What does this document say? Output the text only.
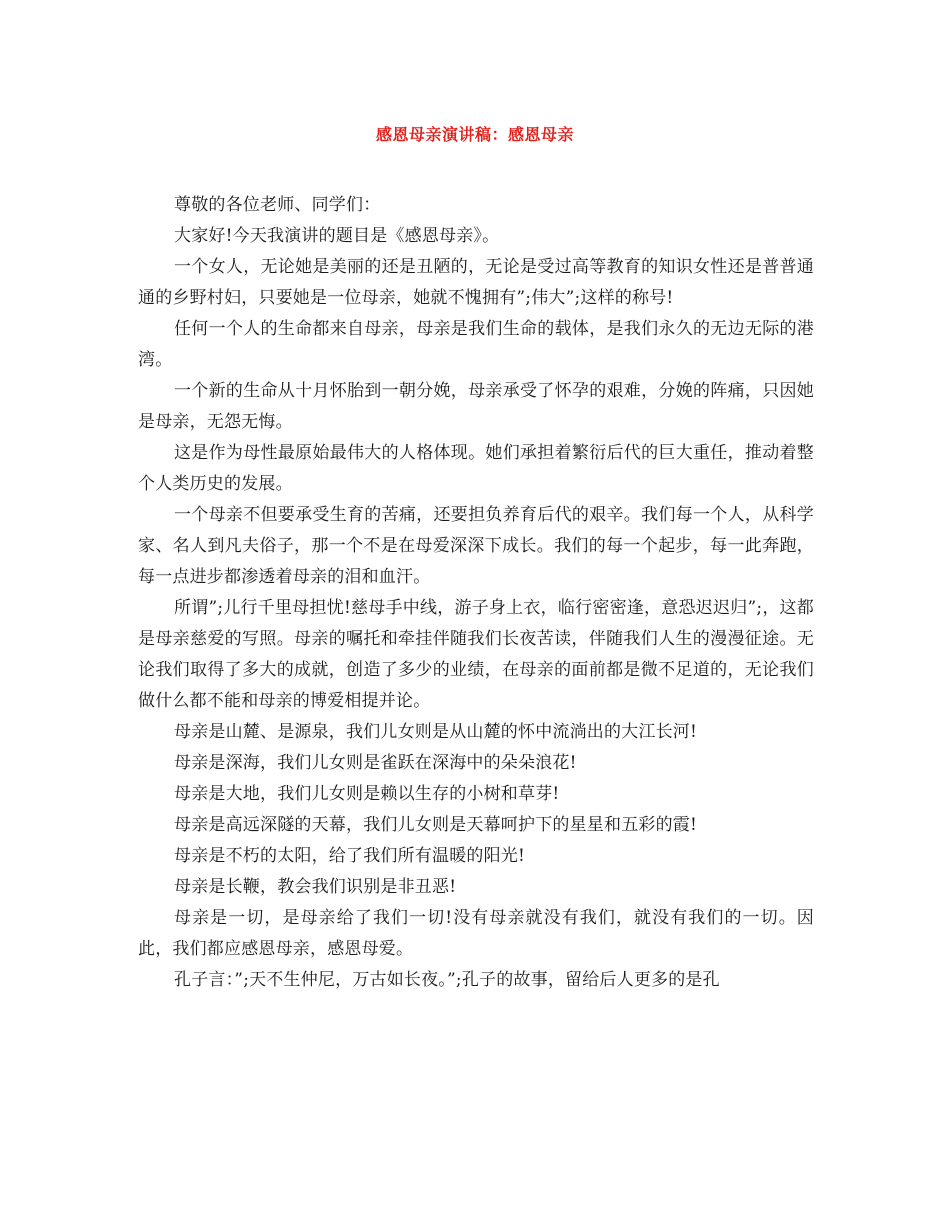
感恩母亲演讲稿：感恩母亲

尊敬的各位老师、同学们：

大家好!今天我演讲的题目是《感恩母亲》。

一个女人，无论她是美丽的还是丑陋的，无论是受过高等教育的知识女性还是普普通通的乡野村妇，只要她是一位母亲，她就不愧拥有”;伟大”;这样的称号!

任何一个人的生命都来自母亲，母亲是我们生命的载体，是我们永久的无边无际的港湾。

一个新的生命从十月怀胎到一朝分娩，母亲承受了怀孕的艰难，分娩的阵痛，只因她是母亲，无怨无悔。

这是作为母性最原始最伟大的人格体现。她们承担着繁衍后代的巨大重任，推动着整个人类历史的发展。

一个母亲不但要承受生育的苦痛，还要担负养育后代的艰辛。我们每一个人，从科学家、名人到凡夫俗子，那一个不是在母爱深深下成长。我们的每一个起步，每一此奔跑，每一点进步都渗透着母亲的泪和血汗。

所谓”;儿行千里母担忧!慈母手中线，游子身上衣，临行密密逢，意恐迟迟归”;，这都是母亲慈爱的写照。母亲的嘱托和牵挂伴随我们长夜苦读，伴随我们人生的漫漫征途。无论我们取得了多大的成就，创造了多少的业绩，在母亲的面前都是微不足道的，无论我们做什么都不能和母亲的博爱相提并论。

母亲是山麓、是源泉，我们儿女则是从山麓的怀中流淌出的大江长河!

母亲是深海，我们儿女则是雀跃在深海中的朵朵浪花!

母亲是大地，我们儿女则是赖以生存的小树和草芽!

母亲是高远深隧的天幕，我们儿女则是天幕呵护下的星星和五彩的霞!

母亲是不朽的太阳，给了我们所有温暖的阳光!

母亲是长鞭，教会我们识别是非丑恶!

母亲是一切，是母亲给了我们一切!没有母亲就没有我们，就没有我们的一切。因此，我们都应感恩母亲，感恩母爱。

孔子言：”;天不生仲尼，万古如长夜。”;孔子的故事，留给后人更多的是孔
